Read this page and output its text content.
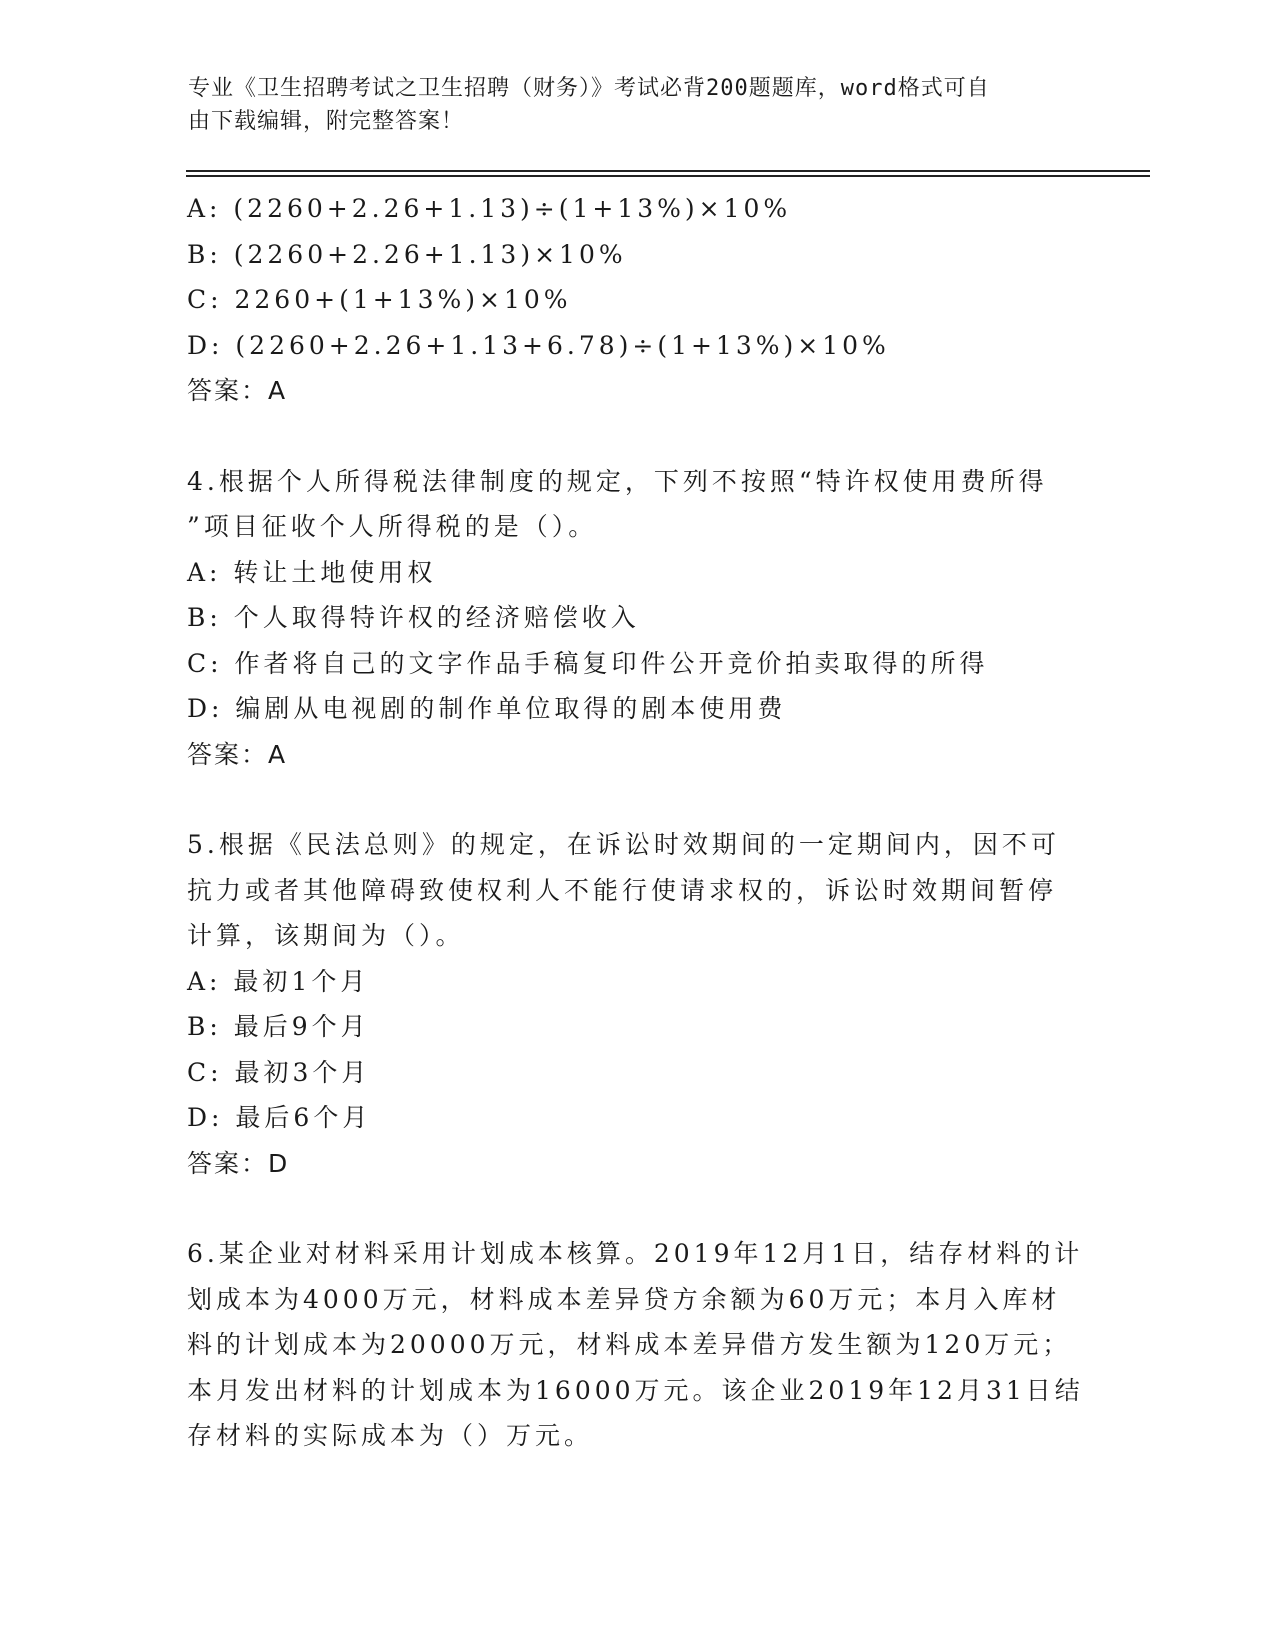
专业《卫生招聘考试之卫生招聘（财务）》考试必背200题题库，word格式可自
由下载编辑，附完整答案！
A: (2260+2.26+1.13)÷(1+13%)×10%
B: (2260+2.26+1.13)×10%
C: 2260+(1+13%)×10%
D: (2260+2.26+1.13+6.78)÷(1+13%)×10%
答案：A
4.根据个人所得税法律制度的规定，下列不按照“特许权使用费所得
”项目征收个人所得税的是（）。
A: 转让土地使用权
B: 个人取得特许权的经济赔偿收入
C: 作者将自己的文字作品手稿复印件公开竞价拍卖取得的所得
D: 编剧从电视剧的制作单位取得的剧本使用费
答案：A
5.根据《民法总则》的规定，在诉讼时效期间的一定期间内，因不可
抗力或者其他障碍致使权利人不能行使请求权的，诉讼时效期间暂停
计算，该期间为（）。
A: 最初1个月
B: 最后9个月
C: 最初3个月
D: 最后6个月
答案：D
6.某企业对材料采用计划成本核算。2019年12月1日，结存材料的计
划成本为4000万元，材料成本差异贷方余额为60万元；本月入库材
料的计划成本为20000万元，材料成本差异借方发生额为120万元；
本月发出材料的计划成本为16000万元。该企业2019年12月31日结
存材料的实际成本为（）万元。
